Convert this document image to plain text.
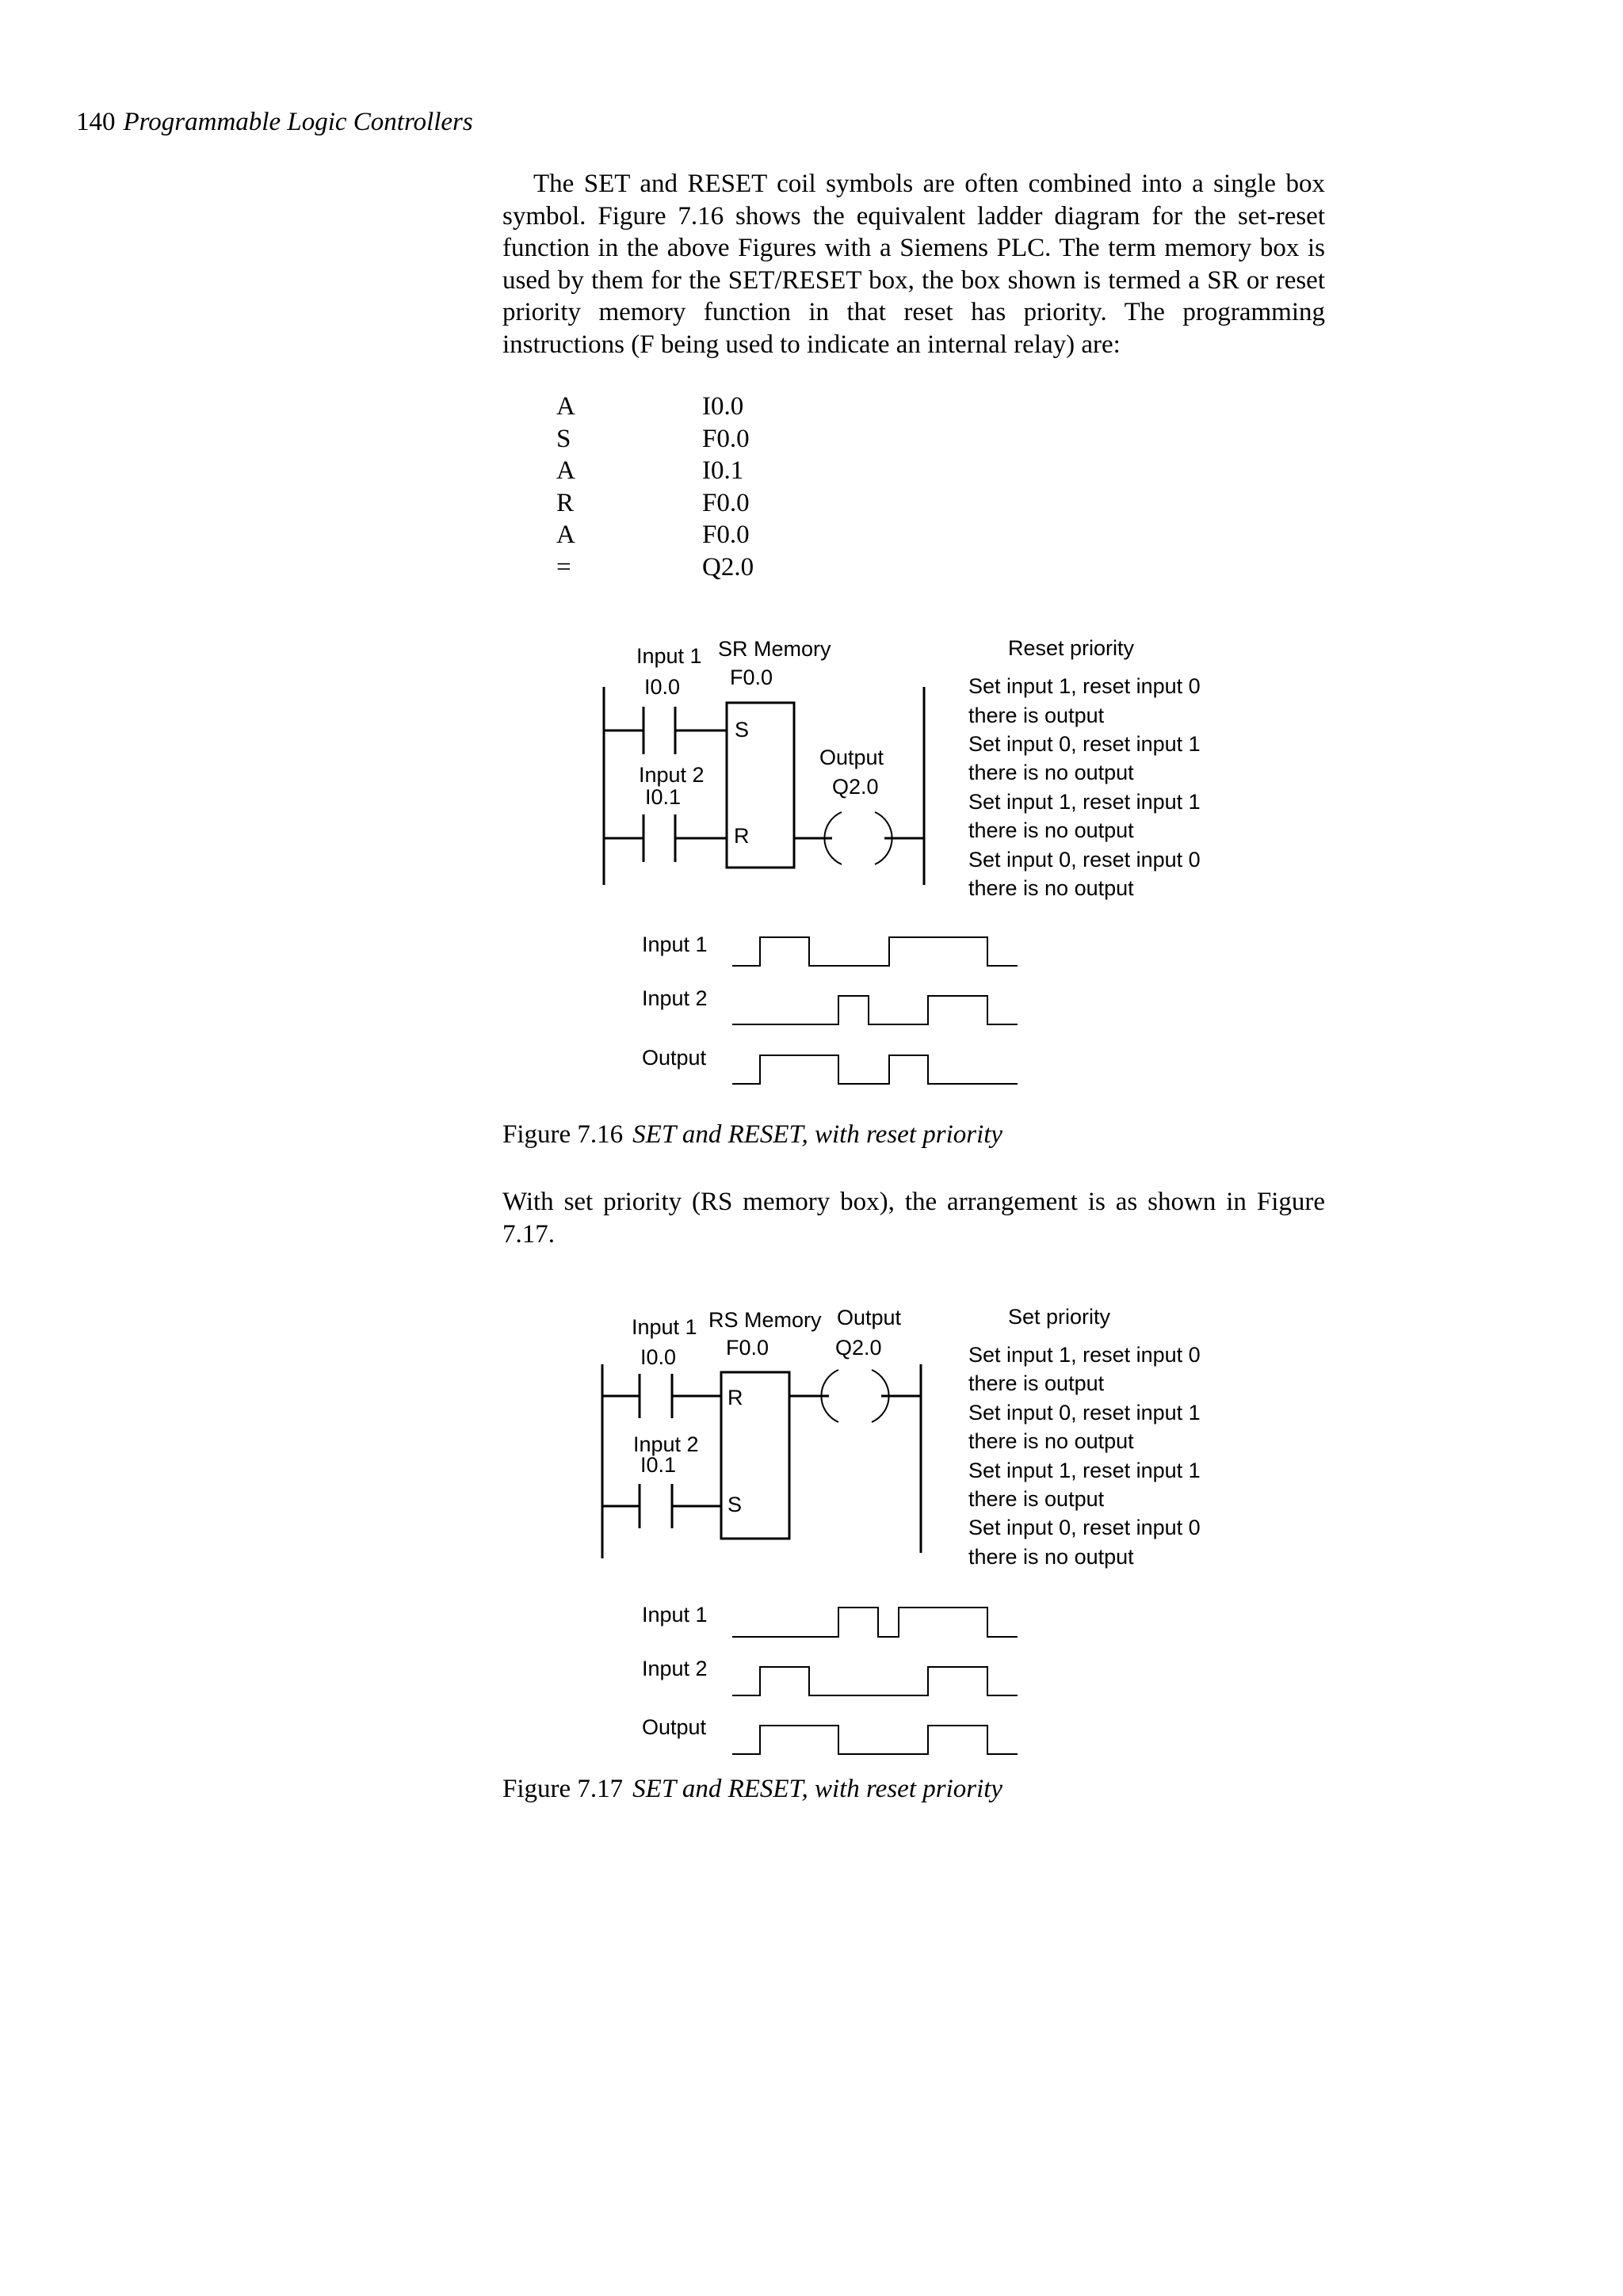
140 Programmable Logic Controllers

The SET and RESET coil symbols are often combined into a single box symbol. Figure 7.16 shows the equivalent ladder diagram for the set-reset function in the above Figures with a Siemens PLC. The term memory box is used by them for the SET/RESET box, the box shown is termed a SR or reset priority memory function in that reset has priority. The programming instructions (F being used to indicate an internal relay) are:

A	I0.0
S	F0.0
A	I0.1
R	F0.0
A	F0.0
=	Q2.0
Input 1
I0.0
SR Memory
F0.0
S
R
Input 2
I0.1
Output
Q2.0
Reset priority
Set input 1, reset input 0
there is output
Set input 0, reset input 1
there is no output
Set input 1, reset input 1
there is no output
Set input 0, reset input 0
there is no output
Input 1
Input 2
Output
Input 1
I0.0
RS Memory
F0.0
Output
Q2.0
R
S
Input 2
I0.1
Set priority
Set input 1, reset input 0
there is output
Set input 0, reset input 1
there is no output
Set input 1, reset input 1
there is output
Set input 0, reset input 0
there is no output
Input 1
Input 2
Output
Figure 7.16 SET and RESET, with reset priority

With set priority (RS memory box), the arrangement is as shown in Figure 7.17.

Figure 7.17 SET and RESET, with reset priority
